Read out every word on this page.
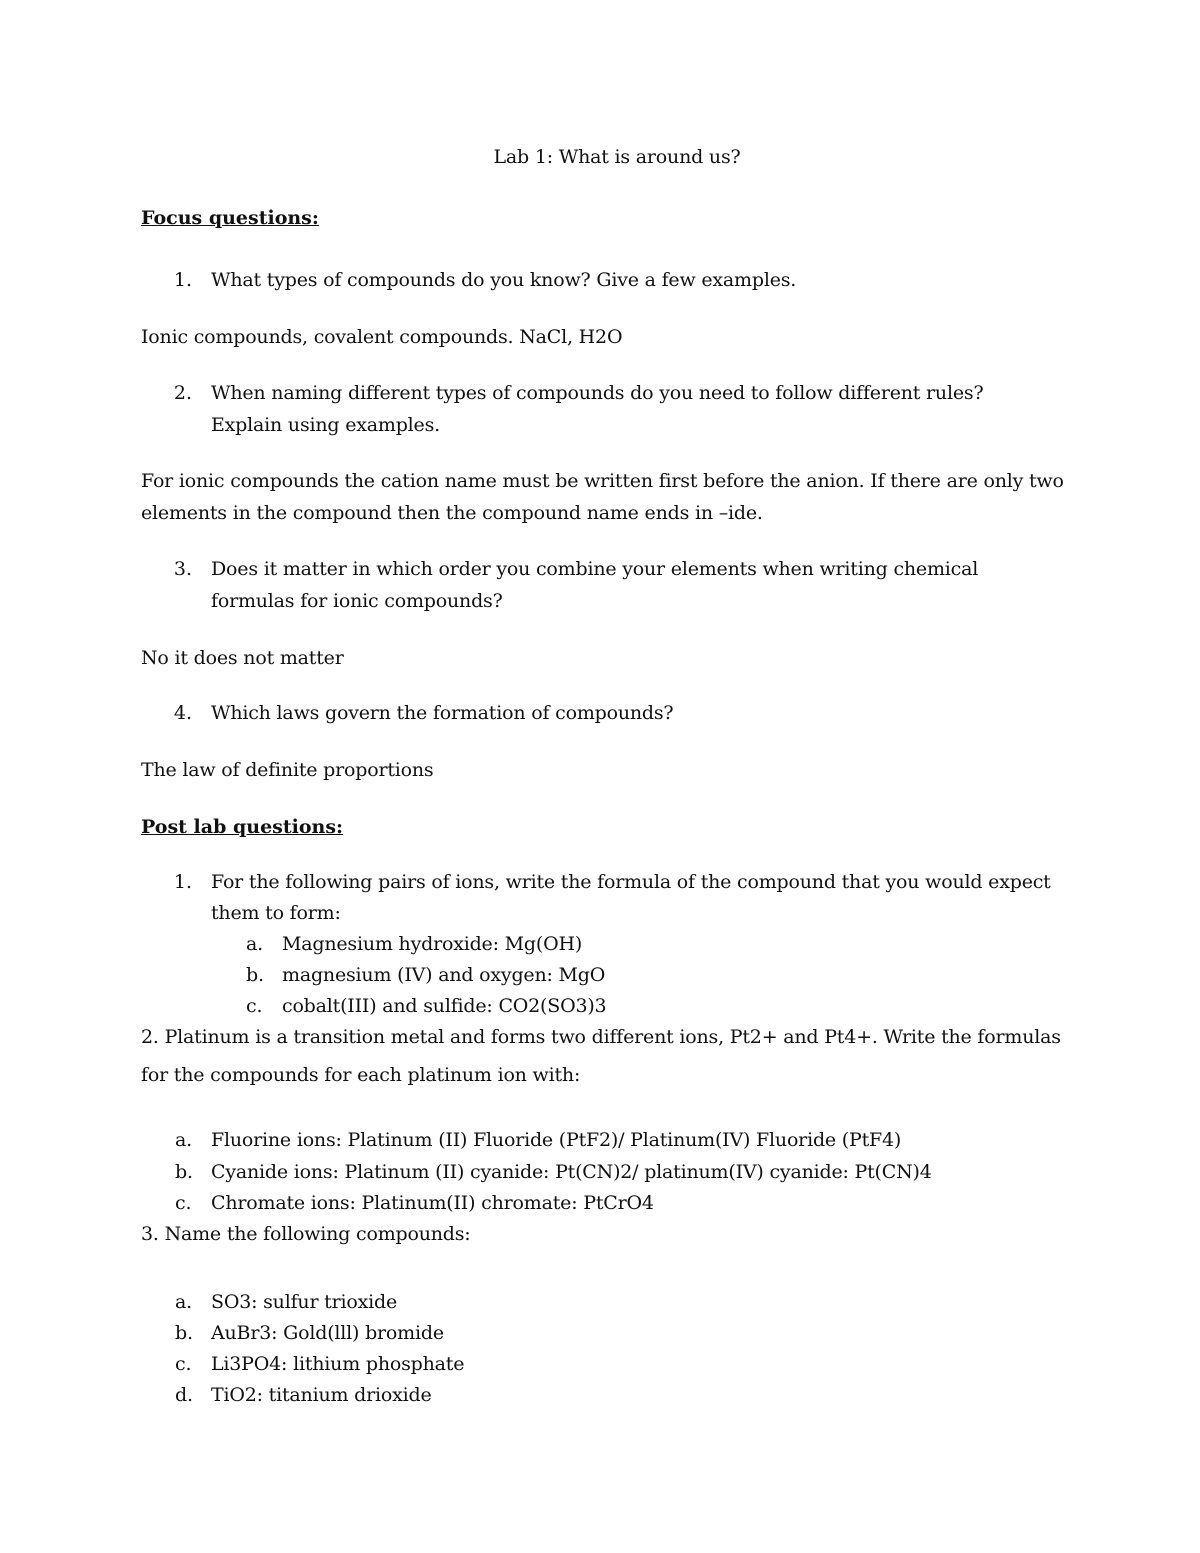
Lab 1: What is around us?
Focus questions:
1. What types of compounds do you know? Give a few examples.
Ionic compounds, covalent compounds. NaCl, H2O
2. When naming different types of compounds do you need to follow different rules?
Explain using examples.
For ionic compounds the cation name must be written first before the anion. If there are only two
elements in the compound then the compound name ends in –ide.
3. Does it matter in which order you combine your elements when writing chemical
formulas for ionic compounds?
No it does not matter
4. Which laws govern the formation of compounds?
The law of definite proportions
Post lab questions:
1. For the following pairs of ions, write the formula of the compound that you would expect
them to form:
a. Magnesium hydroxide: Mg(OH)
b. magnesium (IV) and oxygen: MgO
c. cobalt(III) and sulfide: CO2(SO3)3
2. Platinum is a transition metal and forms two different ions, Pt2+ and Pt4+. Write the formulas
for the compounds for each platinum ion with:
a. Fluorine ions: Platinum (II) Fluoride (PtF2)/ Platinum(IV) Fluoride (PtF4)
b. Cyanide ions: Platinum (II) cyanide: Pt(CN)2/ platinum(IV) cyanide: Pt(CN)4
c. Chromate ions: Platinum(II) chromate: PtCrO4
3. Name the following compounds:
a. SO3: sulfur trioxide
b. AuBr3: Gold(lll) bromide
c. Li3PO4: lithium phosphate
d. TiO2: titanium drioxide
